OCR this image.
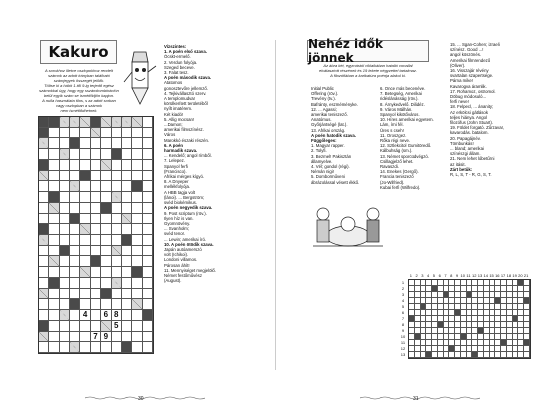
Kakuro
A sorokhoz illetve oszlopokhoz rendelt
számok az adott irányban található
számjegyek összegét jelölik.
Töltse ki a hálót 1-től 9-ig terjedő egész
számokkal úgy, hogy egy sszámkombináción
belül egyik szám se ismétlődjön kapjon.
A nulla használata tilos, s az adott sorban
vagy oszlopban a számok
nem ismétlődhetnek.
4	6 8
5
7 9
Vízszintes:
1. A poén első szava.
Ócskt-ermelő.
2. Verdun folyója.
Szeged beceve.
3. Falat tesz.
A poén második szava.
Atatomos
gonosztevőre jellemző.
4. Tejkivállasztó szerv.
A templomudvar
körülkerített területéből
nyílt imatérem.
Két kiadó!
5. Allig mocsan!
...Damon;
amerikai filmszínész.
Város
Marokkó északi részén.
6. A poén
harmadik szava.
... Kendelő; angol rímből.
7. Lelepez.
Spanyol ferfi
(Francisco).
Afrikai mérges kígyó.
8. A Dnyeper
mellékfolyója.
A HBB tagja volt
(lánoi). ... Bergström;
svéd biokémikus.
A poén negyedik szava.
9. Post scriptum (röv.).
Ilyen híz is van.
Gyomnövény.
... Svanholm;
svéd tenor.
... Lewin; amerikai író.
10. A poén ötödik szava.
Japán autóamerszó
volt (Ichikoi).
Londoni villamos.
Párosan áhít!
11. Mennyiséget megjelölő.
Német festőművész
(August).
30
Nehéz idők jönnek
Az ábra két, egymástól ciklaikában hatalió vonallal
elválasztott részének és 19 lekete négyzettel tartalmaz.
A filozófiában a karikatúra poénja alakul ki.
Initial Public
Offering (röv.).
Trevény (tv.).
Bafránty, eszméményke.
12. ... Agassi;
amerikai teniszező.
Anatómus.
Győrjántségé (lat.).
13. Afrikai ország.
A poén hatodik szava.
Függőleges:
1. Magyar rapper.
2. Tolyfi.
3. Bezmel! Pakisztán
államyelve.
4. Vél; gondol (régi).
Némán nigi!
5. Domborműveni
ábrázolással vésett ékkő.
6. Once más becenéve.
7. Betegség, Amerikai
ridéslánásság (röv.).
8. Árnykedvelő. Dilidéz.
9. Város Málhán.
Spanyol kikötőváros.
10. Híres amerikai egyetem.
Lám, írni fél.
Üres s cseh!
11. Oroszgez.
Rőka régi neve.
12. Sztlekcitol Gumitöredő.
Kálbuhság (sm.).
13. Német sporcüdvégzó.
Csillagjelző lehet.
Ravaszdi.
14. Enekes (Gergő).
Francia teniszező
(Jo-Wilfried).
Kubai ferfi (Wilfredo).
15. ... Sgan-Cohen; izraeli
színész. Good ...!
angol köszönés.
Amerikai filmrendező
(Oliver).
16. Visszajár révény
svartalan szapertsége.
Párna mike!
Kavarogva áramlik.
17. Rohamoz, ostromol.
Döbug módosuló...
ferfi neve!
18. Felpecl, ... ánanity;
Az erkölcsi gátlások
teljes hiánya. Angol
filozófus (John Stuart).
19. Földet forgató. Zűrzavar,
kavarodás. batalom.
20. Papagájnév.
Tömbunkás!
... bland; amerikai
színészgi állam.
21. Nem lehet lóbetűrni
az itásit.
Zárt betűk:
R, L, S, T - R, G, S, T.
1 2 3 4 5 6 7 8 9 10 11 12 13 14 15 16 17 18 19 20 21
1
2
3
4
5
6
7
8
9
10
11
12
13
31
